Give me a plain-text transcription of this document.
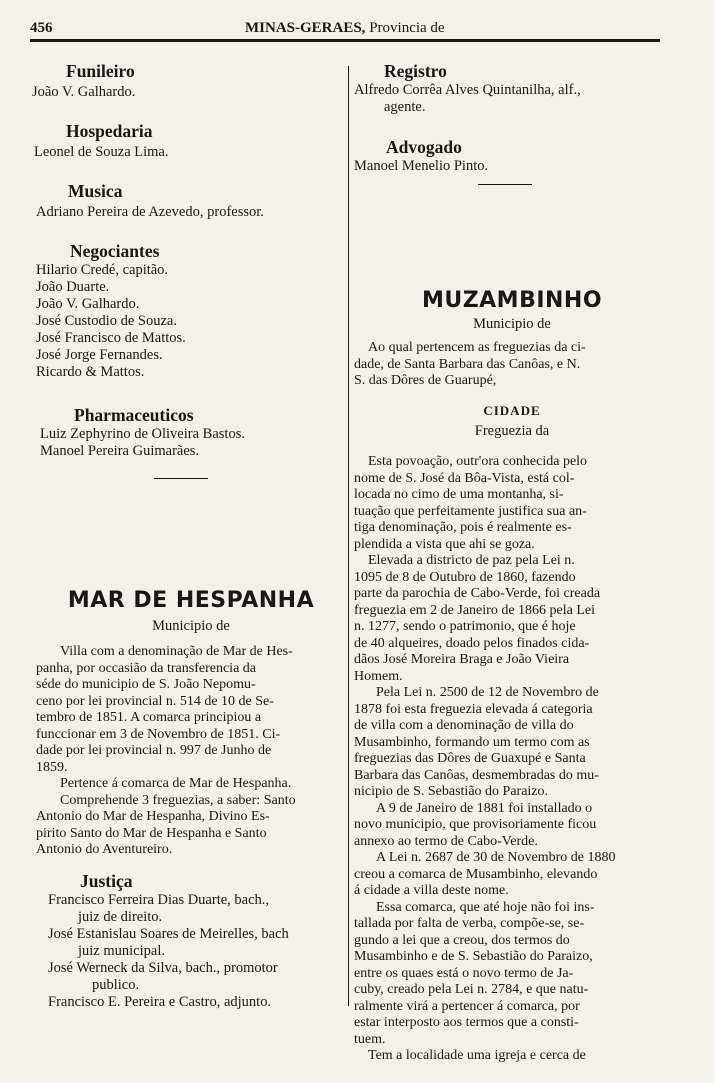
456	MINAS-GERAES, Provincia de
Funileiro
João V. Galhardo.
Hospedaria
Leonel de Souza Lima.
Musica
Adriano Pereira de Azevedo, professor.
Negociantes
Hilario Credé, capitão.
João Duarte.
João V. Galhardo.
José Custodio de Souza.
José Francisco de Mattos.
José Jorge Fernandes.
Ricardo & Mattos.
Pharmaceuticos
Luiz Zephyrino de Oliveira Bastos.
Manoel Pereira Guimarães.
MAR DE HESPANHA
Municipio de
Villa com a denominação de Mar de Hes-
panha, por occasião da transferencia da
séde do municipio de S. João Nepomu-
ceno por lei provincial n. 514 de 10 de Se-
tembro de 1851. A comarca principiou a
funccionar em 3 de Novembro de 1851. Ci-
dade por lei provincial n. 997 de Junho de
1859.
Pertence á comarca de Mar de Hespanha.
Comprehende 3 freguezias, a saber: Santo
Antonio do Mar de Hespanha, Divino Es-
pirito Santo do Mar de Hespanha e Santo
Antonio do Aventureiro.
Justiça
Francisco Ferreira Dias Duarte, bach.,
juiz de direito.
José Estanislau Soares de Meirelles, bach
juiz municipal.
José Werneck da Silva, bach., promotor
publico.
Francisco E. Pereira e Castro, adjunto.
Registro
Alfredo Corrêa Alves Quintanilha, alf.,
agente.
Advogado
Manoel Menelio Pinto.
MUZAMBINHO
Municipio de
Ao qual pertencem as freguezias da ci-
dade, de Santa Barbara das Canôas, e N.
S. das Dôres de Guarupé,
CIDADE
Freguezia da
Esta povoação, outr'ora conhecida pelo
nome de S. José da Bôa-Vista, está col-
locada no cimo de uma montanha, si-
tuação que perfeitamente justifica sua an-
tiga denominação, pois é realmente es-
plendida a vista que ahi se goza.
Elevada a districto de paz pela Lei n.
1095 de 8 de Outubro de 1860, fazendo
parte da parochia de Cabo-Verde, foi creada
freguezia em 2 de Janeiro de 1866 pela Lei
n. 1277, sendo o patrimonio, que é hoje
de 40 alqueires, doado pelos finados cida-
dãos José Moreira Braga e João Vieira
Homem.
Pela Lei n. 2500 de 12 de Novembro de
1878 foi esta freguezia elevada á categoria
de villa com a denominação de villa do
Musambinho, formando um termo com as
freguezias das Dôres de Guaxupé e Santa
Barbara das Canôas, desmembradas do mu-
nicipio de S. Sebastião do Paraizo.
A 9 de Janeiro de 1881 foi installado o
novo municipio, que provisoriamente ficou
annexo ao termo de Cabo-Verde.
A Lei n. 2687 de 30 de Novembro de 1880
creou a comarca de Musambinho, elevando
á cidade a villa deste nome.
Essa comarca, que até hoje não foi ins-
tallada por falta de verba, compõe-se, se-
gundo a lei que a creou, dos termos do
Musambinho e de S. Sebastião do Paraizo,
entre os quaes está o novo termo de Ja-
cuby, creado pela Lei n. 2784, e que natu-
ralmente virá a pertencer á comarca, por
estar interposto aos termos que a consti-
tuem.
Tem a localidade uma igreja e cerca de
